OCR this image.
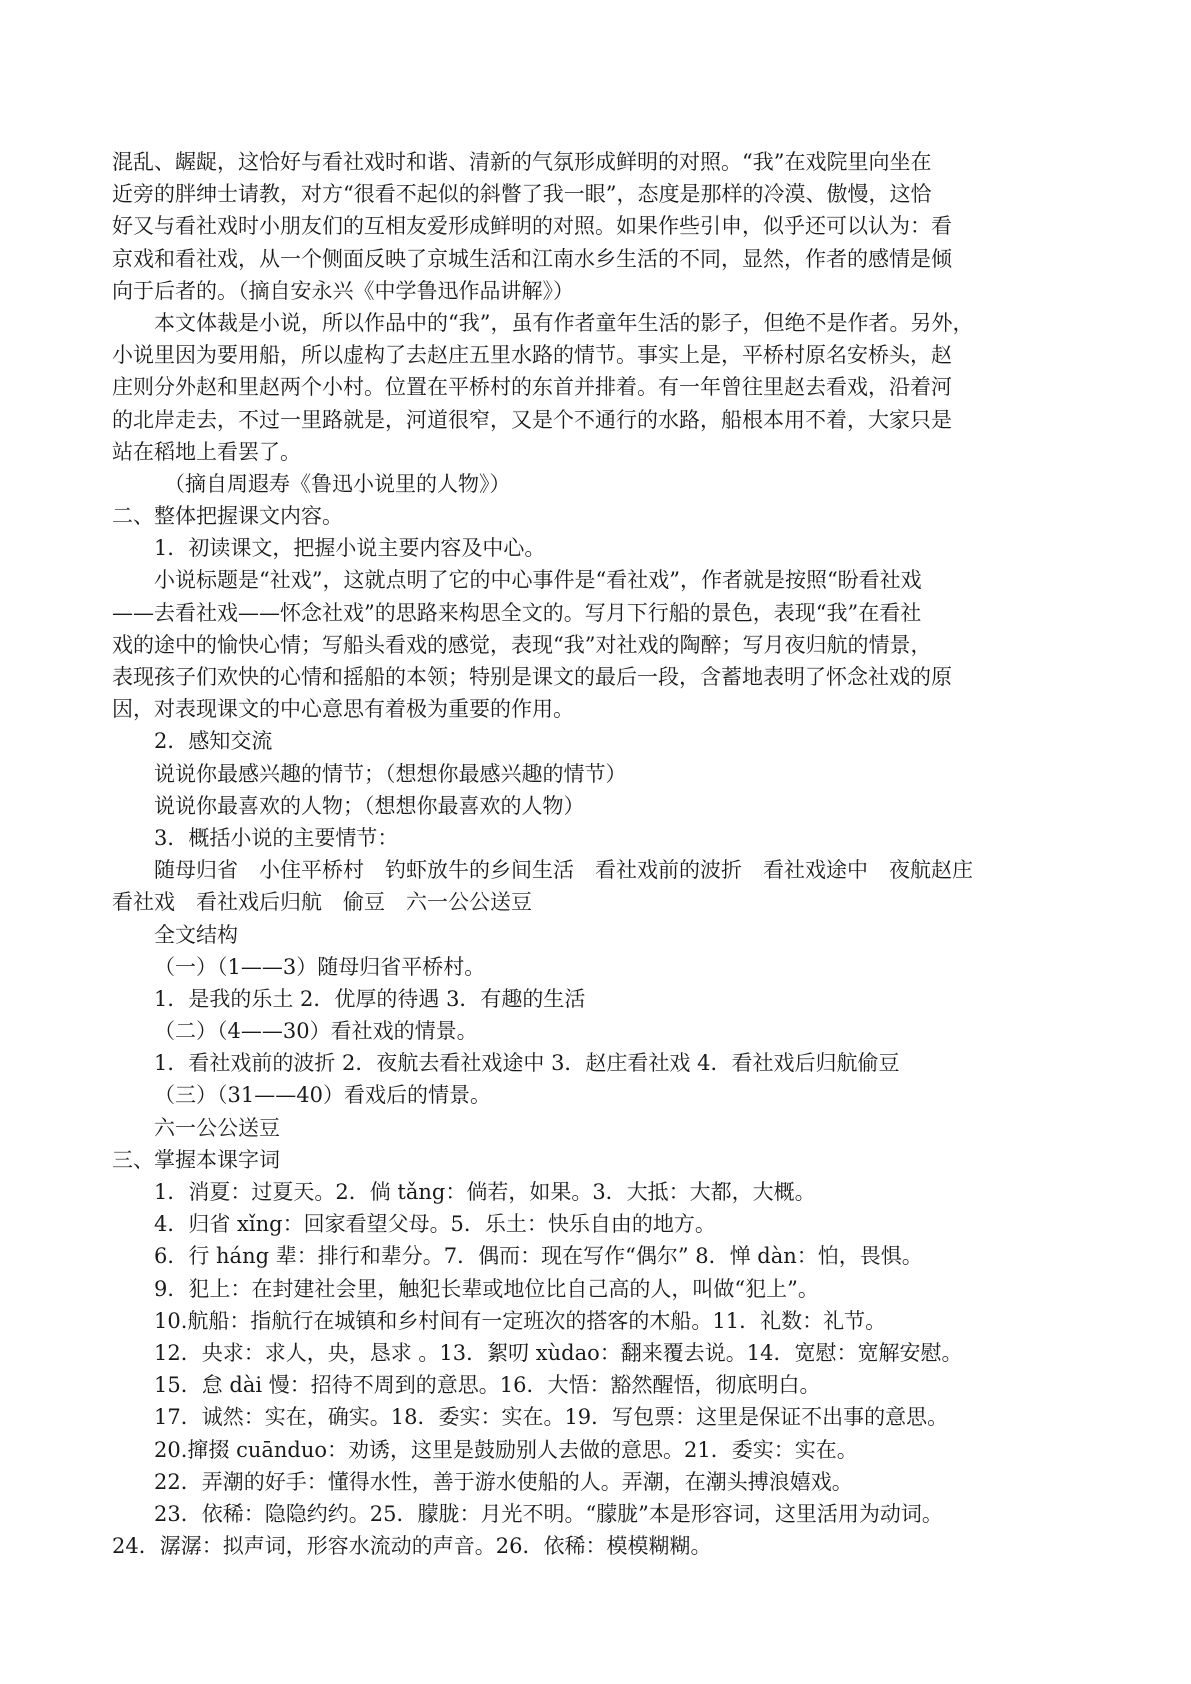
混乱、龌龊，这恰好与看社戏时和谐、清新的气氛形成鲜明的对照。“我”在戏院里向坐在
近旁的胖绅士请教，对方“很看不起似的斜瞥了我一眼”，态度是那样的冷漠、傲慢，这恰
好又与看社戏时小朋友们的互相友爱形成鲜明的对照。如果作些引申，似乎还可以认为：看
京戏和看社戏，从一个侧面反映了京城生活和江南水乡生活的不同，显然，作者的感情是倾
向于后者的。（摘自安永兴《中学鲁迅作品讲解》）
本文体裁是小说，所以作品中的“我”，虽有作者童年生活的影子，但绝不是作者。另外，
小说里因为要用船，所以虚构了去赵庄五里水路的情节。事实上是，平桥村原名安桥头，赵
庄则分外赵和里赵两个小村。位置在平桥村的东首并排着。有一年曾往里赵去看戏，沿着河
的北岸走去，不过一里路就是，河道很窄，又是个不通行的水路，船根本用不着，大家只是
站在稻地上看罢了。
（摘自周遐寿《鲁迅小说里的人物》）
二、整体把握课文内容。
1．初读课文，把握小说主要内容及中心。
小说标题是“社戏”，这就点明了它的中心事件是“看社戏”，作者就是按照“盼看社戏
——去看社戏——怀念社戏”的思路来构思全文的。写月下行船的景色，表现“我”在看社
戏的途中的愉快心情；写船头看戏的感觉，表现“我”对社戏的陶醉；写月夜归航的情景，
表现孩子们欢快的心情和摇船的本领；特别是课文的最后一段，含蓄地表明了怀念社戏的原
因，对表现课文的中心意思有着极为重要的作用。
2．感知交流
说说你最感兴趣的情节；（想想你最感兴趣的情节）
说说你最喜欢的人物；（想想你最喜欢的人物）
3．概括小说的主要情节：
随母归省　小住平桥村　钓虾放牛的乡间生活　看社戏前的波折　看社戏途中　夜航赵庄
看社戏　看社戏后归航　偷豆　六一公公送豆
全文结构
（一）（1——3）随母归省平桥村。
1．是我的乐土 2．优厚的待遇 3．有趣的生活
（二）（4——30）看社戏的情景。
1．看社戏前的波折 2．夜航去看社戏途中 3．赵庄看社戏 4．看社戏后归航偷豆
（三）（31——40）看戏后的情景。
六一公公送豆
三、掌握本课字词
1．消夏：过夏天。2．倘 tǎng：倘若，如果。3．大抵：大都，大概。
4．归省 xǐng：回家看望父母。5．乐土：快乐自由的地方。
6．行 háng 辈：排行和辈分。7．偶而：现在写作“偶尔” 8．惮 dàn：怕，畏惧。
9．犯上：在封建社会里，触犯长辈或地位比自己高的人，叫做“犯上”。
10.航船：指航行在城镇和乡村间有一定班次的搭客的木船。11．礼数：礼节。
12．央求：求人，央，恳求 。13．絮叨 xùdao：翻来覆去说。14．宽慰：宽解安慰。
15．怠 dài 慢：招待不周到的意思。16．大悟：豁然醒悟，彻底明白。
17．诚然：实在，确实。18．委实：实在。19．写包票：这里是保证不出事的意思。
20.撺掇 cuānduo：劝诱，这里是鼓励别人去做的意思。21．委实：实在。
22．弄潮的好手：懂得水性，善于游水使船的人。弄潮，在潮头搏浪嬉戏。
23．依稀：隐隐约约。25．朦胧：月光不明。“朦胧”本是形容词，这里活用为动词。
24．潺潺：拟声词，形容水流动的声音。26．依稀：模模糊糊。
